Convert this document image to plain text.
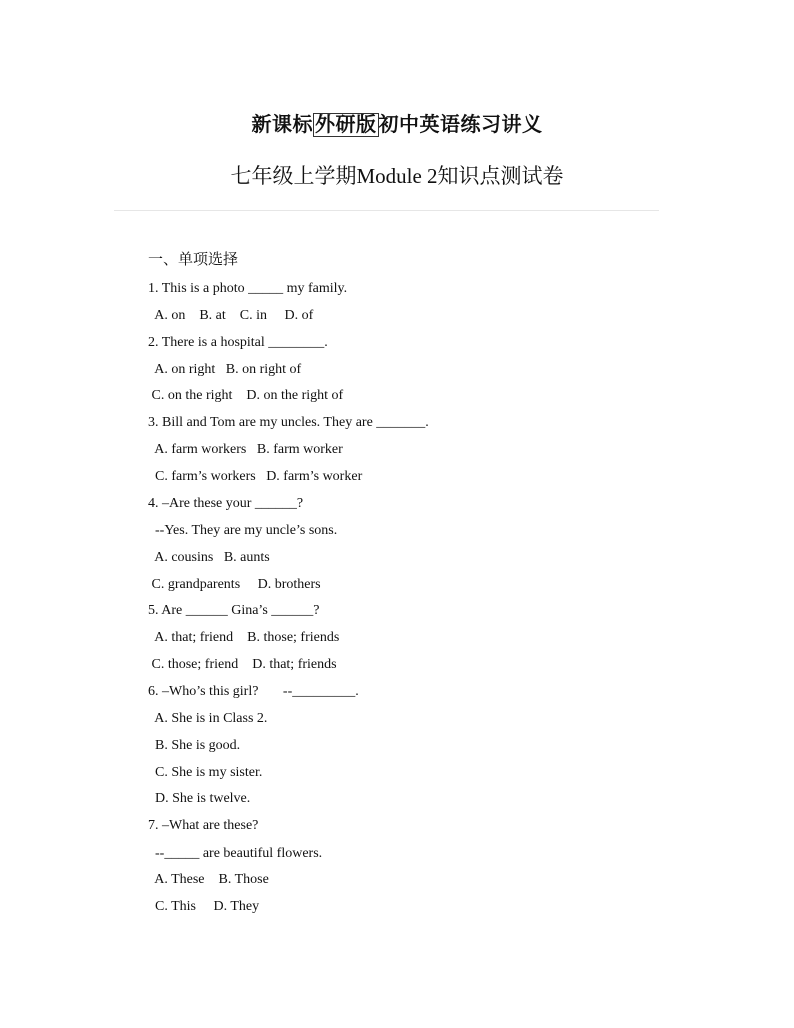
新课标 外研版 初中英语练习讲义
七年级上学期Module 2知识点测试卷
一、单项选择
1. This is a photo _____ my family.
A. on    B. at    C. in     D. of
2. There is a hospital ________.
A. on right   B. on right of
C. on the right    D. on the right of
3. Bill and Tom are my uncles. They are _______.
A. farm workers   B. farm worker
C. farm’s workers   D. farm’s worker
4. –Are these your ______?
--Yes. They are my uncle’s sons.
A. cousins   B. aunts
C. grandparents     D. brothers
5. Are ______ Gina’s ______?
A. that; friend    B. those; friends
C. those; friend    D. that; friends
6. –Who’s this girl?       --_________.
A. She is in Class 2.
B. She is good.
C. She is my sister.
D. She is twelve.
7. –What are these?
--_____ are beautiful flowers.
A. These    B. Those
C. This     D. They
